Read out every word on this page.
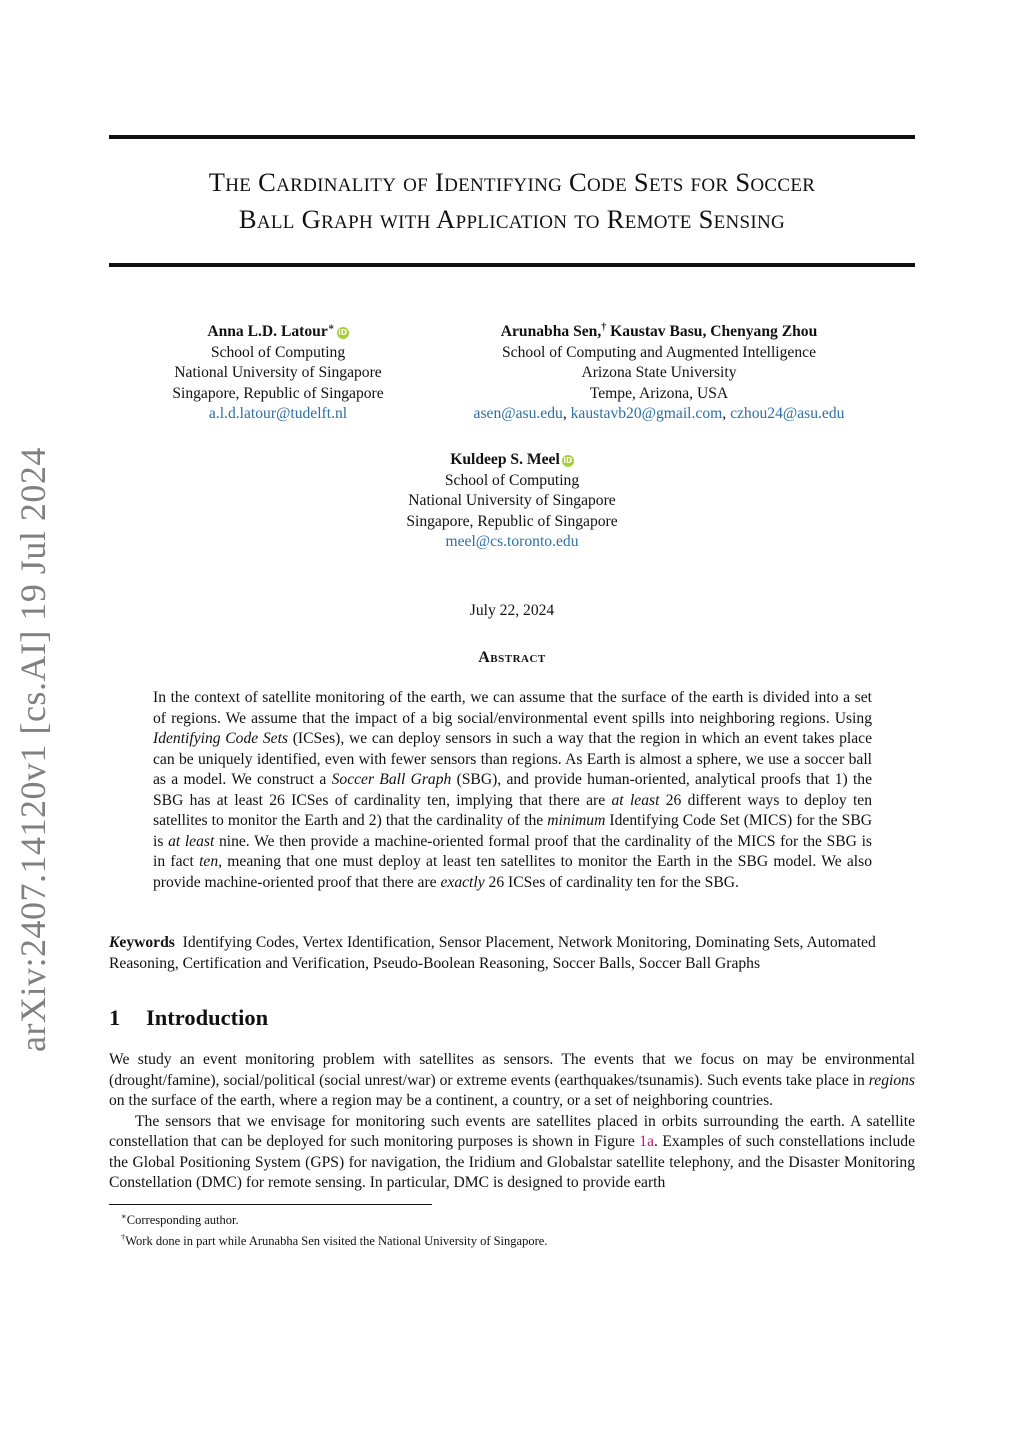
arXiv:2407.14120v1 [cs.AI] 19 Jul 2024
The Cardinality of Identifying Code Sets for Soccer
Ball Graph with Application to Remote Sensing
Anna L.D. Latour∗ iD
School of Computing
National University of Singapore
Singapore, Republic of Singapore
a.l.d.latour@tudelft.nl
Arunabha Sen,† Kaustav Basu, Chenyang Zhou
School of Computing and Augmented Intelligence
Arizona State University
Tempe, Arizona, USA
asen@asu.edu, kaustavb20@gmail.com, czhou24@asu.edu
Kuldeep S. Meel iD
School of Computing
National University of Singapore
Singapore, Republic of Singapore
meel@cs.toronto.edu
July 22, 2024
Abstract
In the context of satellite monitoring of the earth, we can assume that the surface of the earth is divided into a set of regions. We assume that the impact of a big social/environmental event spills into neighboring regions. Using Identifying Code Sets (ICSes), we can deploy sensors in such a way that the region in which an event takes place can be uniquely identified, even with fewer sensors than regions. As Earth is almost a sphere, we use a soccer ball as a model. We construct a Soccer Ball Graph (SBG), and provide human-oriented, analytical proofs that 1) the SBG has at least 26 ICSes of cardinality ten, implying that there are at least 26 different ways to deploy ten satellites to monitor the Earth and 2) that the cardinality of the minimum Identifying Code Set (MICS) for the SBG is at least nine. We then provide a machine-oriented formal proof that the cardinality of the MICS for the SBG is in fact ten, meaning that one must deploy at least ten satellites to monitor the Earth in the SBG model. We also provide machine-oriented proof that there are exactly 26 ICSes of cardinality ten for the SBG.
Keywords Identifying Codes, Vertex Identification, Sensor Placement, Network Monitoring, Dominating Sets, Automated Reasoning, Certification and Verification, Pseudo-Boolean Reasoning, Soccer Balls, Soccer Ball Graphs
1 Introduction

We study an event monitoring problem with satellites as sensors. The events that we focus on may be environmental (drought/famine), social/political (social unrest/war) or extreme events (earthquakes/tsunamis). Such events take place in regions on the surface of the earth, where a region may be a continent, a country, or a set of neighboring countries.

The sensors that we envisage for monitoring such events are satellites placed in orbits surrounding the earth. A satellite constellation that can be deployed for such monitoring purposes is shown in Figure 1a. Examples of such constellations include the Global Positioning System (GPS) for navigation, the Iridium and Globalstar satellite telephony, and the Disaster Monitoring Constellation (DMC) for remote sensing. In particular, DMC is designed to provide earth

∗Corresponding author.
†Work done in part while Arunabha Sen visited the National University of Singapore.
